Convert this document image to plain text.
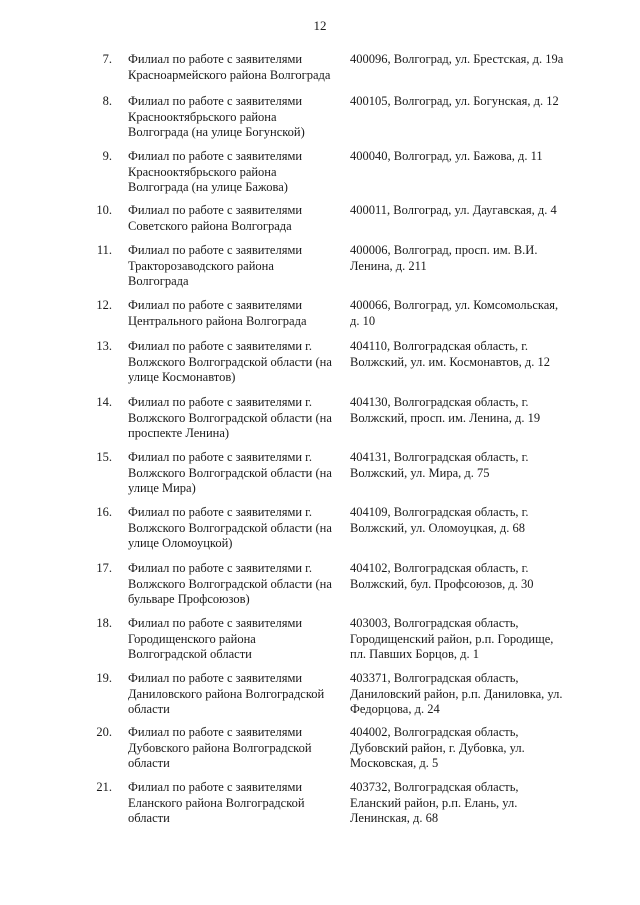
12
7. Филиал по работе с заявителями
Красноармейского района Волгограда
400096, Волгоград, ул. Брестская, д. 19а
8. Филиал по работе с заявителями
Краснооктябрьского района
Волгограда (на улице Богунской)
400105, Волгоград, ул. Богунская, д. 12
9. Филиал по работе с заявителями
Краснооктябрьского района
Волгограда (на улице Бажова)
400040, Волгоград, ул. Бажова, д. 11
10. Филиал по работе с заявителями
Советского района Волгограда
400011, Волгоград, ул. Даугавская, д. 4
11. Филиал по работе с заявителями
Тракторозаводского района
Волгограда
400006, Волгоград, просп. им. В.И.
Ленина, д. 211
12. Филиал по работе с заявителями
Центрального района Волгограда
400066, Волгоград, ул. Комсомольская,
д. 10
13. Филиал по работе с заявителями г.
Волжского Волгоградской области (на
улице Космонавтов)
404110, Волгоградская область, г.
Волжский, ул. им. Космонавтов, д. 12
14. Филиал по работе с заявителями г.
Волжского Волгоградской области (на
проспекте Ленина)
404130, Волгоградская область, г.
Волжский, просп. им. Ленина, д. 19
15. Филиал по работе с заявителями г.
Волжского Волгоградской области (на
улице Мира)
404131, Волгоградская область, г.
Волжский, ул. Мира, д. 75
16. Филиал по работе с заявителями г.
Волжского Волгоградской области (на
улице Оломоуцкой)
404109, Волгоградская область, г.
Волжский, ул. Оломоуцкая, д. 68
17. Филиал по работе с заявителями г.
Волжского Волгоградской области (на
бульваре Профсоюзов)
404102, Волгоградская область, г.
Волжский, бул. Профсоюзов, д. 30
18. Филиал по работе с заявителями
Городищенского района
Волгоградской области
403003, Волгоградская область,
Городищенский район, р.п. Городище,
пл. Павших Борцов, д. 1
19. Филиал по работе с заявителями
Даниловского района Волгоградской
области
403371, Волгоградская область,
Даниловский район, р.п. Даниловка, ул.
Федорцова, д. 24
20. Филиал по работе с заявителями
Дубовского района Волгоградской
области
404002, Волгоградская область,
Дубовский район, г. Дубовка, ул.
Московская, д. 5
21. Филиал по работе с заявителями
Еланского района Волгоградской
области
403732, Волгоградская область,
Еланский район, р.п. Елань, ул.
Ленинская, д. 68
